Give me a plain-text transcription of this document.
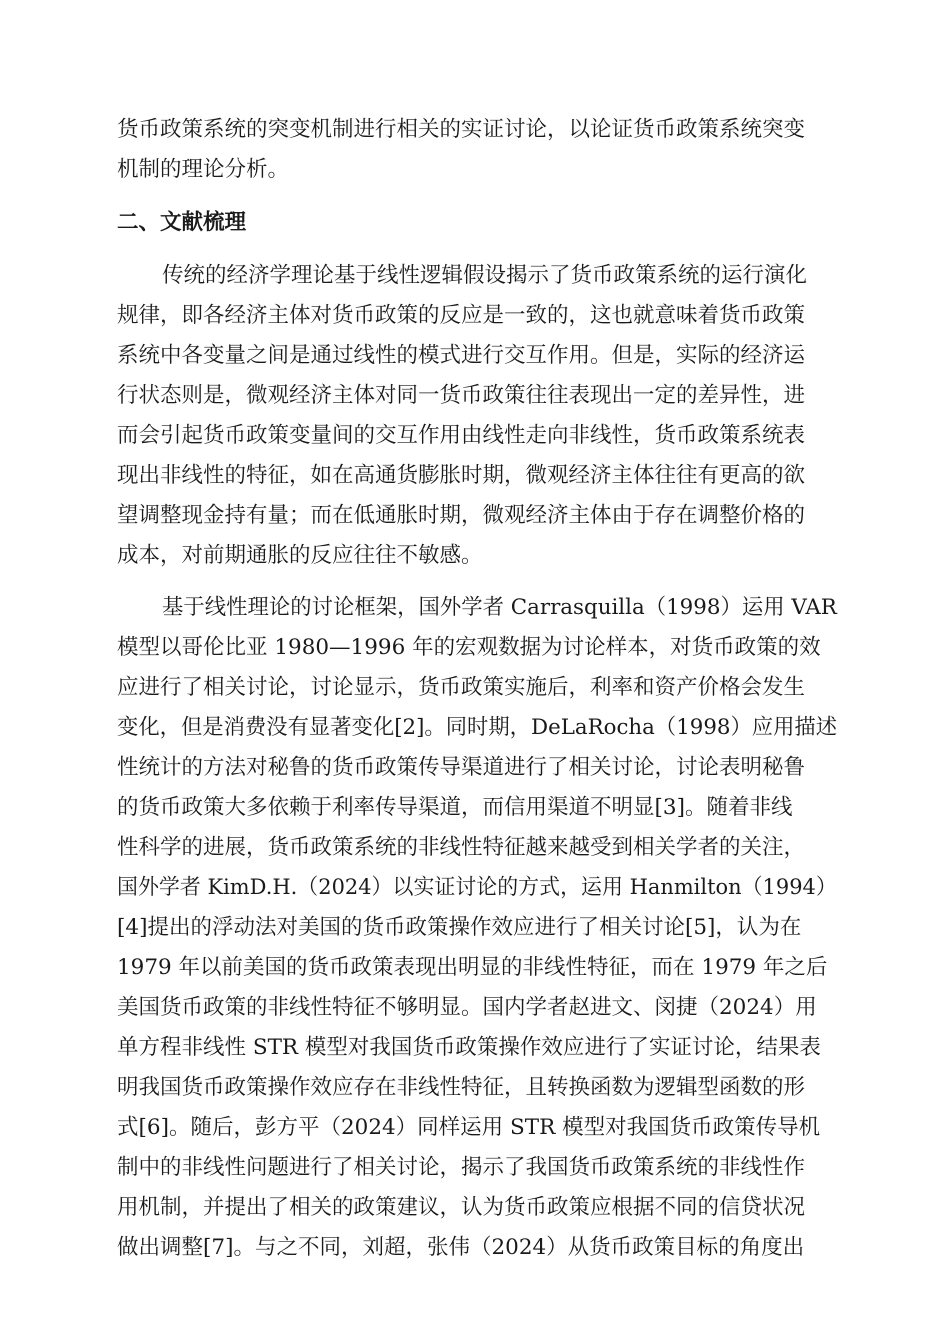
货币政策系统的突变机制进行相关的实证讨论，以论证货币政策系统突变
机制的理论分析。
二、文献梳理
传统的经济学理论基于线性逻辑假设揭示了货币政策系统的运行演化
规律，即各经济主体对货币政策的反应是一致的，这也就意味着货币政策
系统中各变量之间是通过线性的模式进行交互作用。但是，实际的经济运
行状态则是，微观经济主体对同一货币政策往往表现出一定的差异性，进
而会引起货币政策变量间的交互作用由线性走向非线性，货币政策系统表
现出非线性的特征，如在高通货膨胀时期，微观经济主体往往有更高的欲
望调整现金持有量；而在低通胀时期，微观经济主体由于存在调整价格的
成本，对前期通胀的反应往往不敏感。
基于线性理论的讨论框架，国外学者 Carrasquilla（1998）运用 VAR
模型以哥伦比亚 1980—1996 年的宏观数据为讨论样本，对货币政策的效
应进行了相关讨论，讨论显示，货币政策实施后，利率和资产价格会发生
变化，但是消费没有显著变化[2]。同时期，DeLaRocha（1998）应用描述
性统计的方法对秘鲁的货币政策传导渠道进行了相关讨论，讨论表明秘鲁
的货币政策大多依赖于利率传导渠道，而信用渠道不明显[3]。随着非线
性科学的进展，货币政策系统的非线性特征越来越受到相关学者的关注，
国外学者 KimD.H.（2024）以实证讨论的方式，运用 Hanmilton（1994）
[4]提出的浮动法对美国的货币政策操作效应进行了相关讨论[5]，认为在
1979 年以前美国的货币政策表现出明显的非线性特征，而在 1979 年之后
美国货币政策的非线性特征不够明显。国内学者赵进文、闵捷（2024）用
单方程非线性 STR 模型对我国货币政策操作效应进行了实证讨论，结果表
明我国货币政策操作效应存在非线性特征，且转换函数为逻辑型函数的形
式[6]。随后，彭方平（2024）同样运用 STR 模型对我国货币政策传导机
制中的非线性问题进行了相关讨论，揭示了我国货币政策系统的非线性作
用机制，并提出了相关的政策建议，认为货币政策应根据不同的信贷状况
做出调整[7]。与之不同，刘超，张伟（2024）从货币政策目标的角度出
